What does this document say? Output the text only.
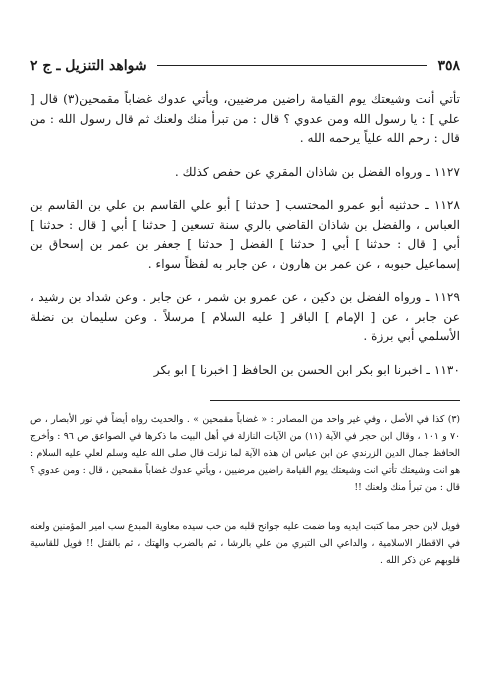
٣٥٨
شواهد التنزيل ـ ج ٢

تأتي أنت وشيعتك يوم القيامة راضين مرضيين، ويأتي عدوك غضاباً مقمحين(٣) قال [ علي ] : يا رسول الله ومن عدوي ؟ قال : من تبرأ منك ولعنك ثم قال رسول الله : من قال : رحم الله علياً يرحمه الله .

١١٢٧ ـ ورواه الفضل بن شاذان المقري عن حفص كذلك .

١١٢٨ ـ حدثنيه أبو عمرو المحتسب [ حدثنا ] أبو علي القاسم بن علي بن القاسم بن العباس ، والفضل بن شاذان القاضي بالري سنة تسعين [ حدثنا ] أبي [ قال : حدثنا ] أبي [ قال : حدثنا ] أبي [ حدثنا ] الفضل [ حدثنا ] جعفر بن عمر بن إسحاق بن إسماعيل حبوبه ، عن عمر بن هارون ، عن جابر به لفظاً سواء .

١١٢٩ ـ ورواه الفضل بن دكين ، عن عمرو بن شمر ، عن جابر . وعن شداد بن رشيد ، عن جابر ، عن [ الإمام ] الباقر [ عليه السلام ] مرسلاً . وعن سليمان بن نضلة الأسلمي أبي برزة .

١١٣٠ ـ اخبرنا ابو بكر ابن الحسن بن الحافظ [ اخبرنا ] ابو بكر

(٣) كذا في الأصل ، وفي غير واحد من المصادر : « غضاباً مقمحين » . والحديث رواه أيضاً في نور الأبصار ، ص ٧٠ و ١٠١ ، وقال ابن حجر في الآية (١١) من الآيات النازلة في أهل البيت ما ذكرها في الصواعق ص ٩٦ : وأخرج الحافظ جمال الدين الزرندي عن ابن عباس ان هذه الآية لما نزلت قال صلى الله عليه وسلم لعلي عليه السلام : هو انت وشيعتك تأتي انت وشيعتك يوم القيامة راضين مرضيين ، ويأتي عدوك غضاباً مقمحين ، قال : ومن عدوي ؟ قال : من تبرأ منك ولعنك !!

فويل لابن حجر مما كتبت ايديه وما ضمت عليه جوانح قلبه من حب سيده معاوية المبدع سب امير المؤمنين ولعنه في الاقطار الاسلامية ، والداعي الى التبري من علي بالرشا ، ثم بالضرب والهتك ، ثم بالقتل !! فويل للقاسية قلوبهم عن ذكر الله .
